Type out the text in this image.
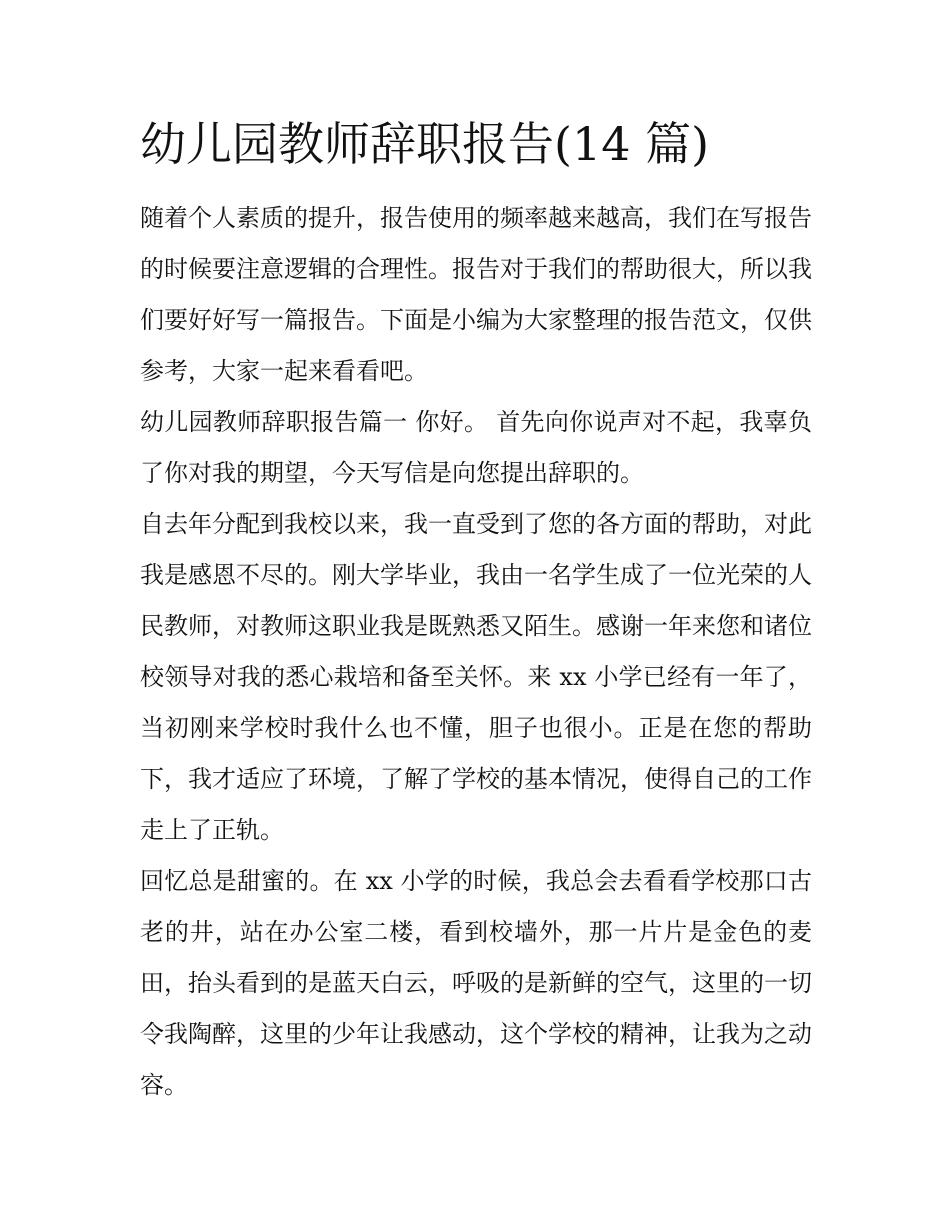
幼儿园教师辞职报告(14 篇)

随着个人素质的提升，报告使用的频率越来越高，我们在写报告的时候要注意逻辑的合理性。报告对于我们的帮助很大，所以我们要好好写一篇报告。下面是小编为大家整理的报告范文，仅供参考，大家一起来看看吧。

幼儿园教师辞职报告篇一 你好。 首先向你说声对不起，我辜负了你对我的期望，今天写信是向您提出辞职的。

自去年分配到我校以来，我一直受到了您的各方面的帮助，对此我是感恩不尽的。刚大学毕业，我由一名学生成了一位光荣的人民教师，对教师这职业我是既熟悉又陌生。感谢一年来您和诸位校领导对我的悉心栽培和备至关怀。来 xx 小学已经有一年了，当初刚来学校时我什么也不懂，胆子也很小。正是在您的帮助下，我才适应了环境，了解了学校的基本情况，使得自己的工作走上了正轨。

回忆总是甜蜜的。在 xx 小学的时候，我总会去看看学校那口古老的井，站在办公室二楼，看到校墙外，那一片片是金色的麦田，抬头看到的是蓝天白云，呼吸的是新鲜的空气，这里的一切令我陶醉，这里的少年让我感动，这个学校的精神，让我为之动容。
